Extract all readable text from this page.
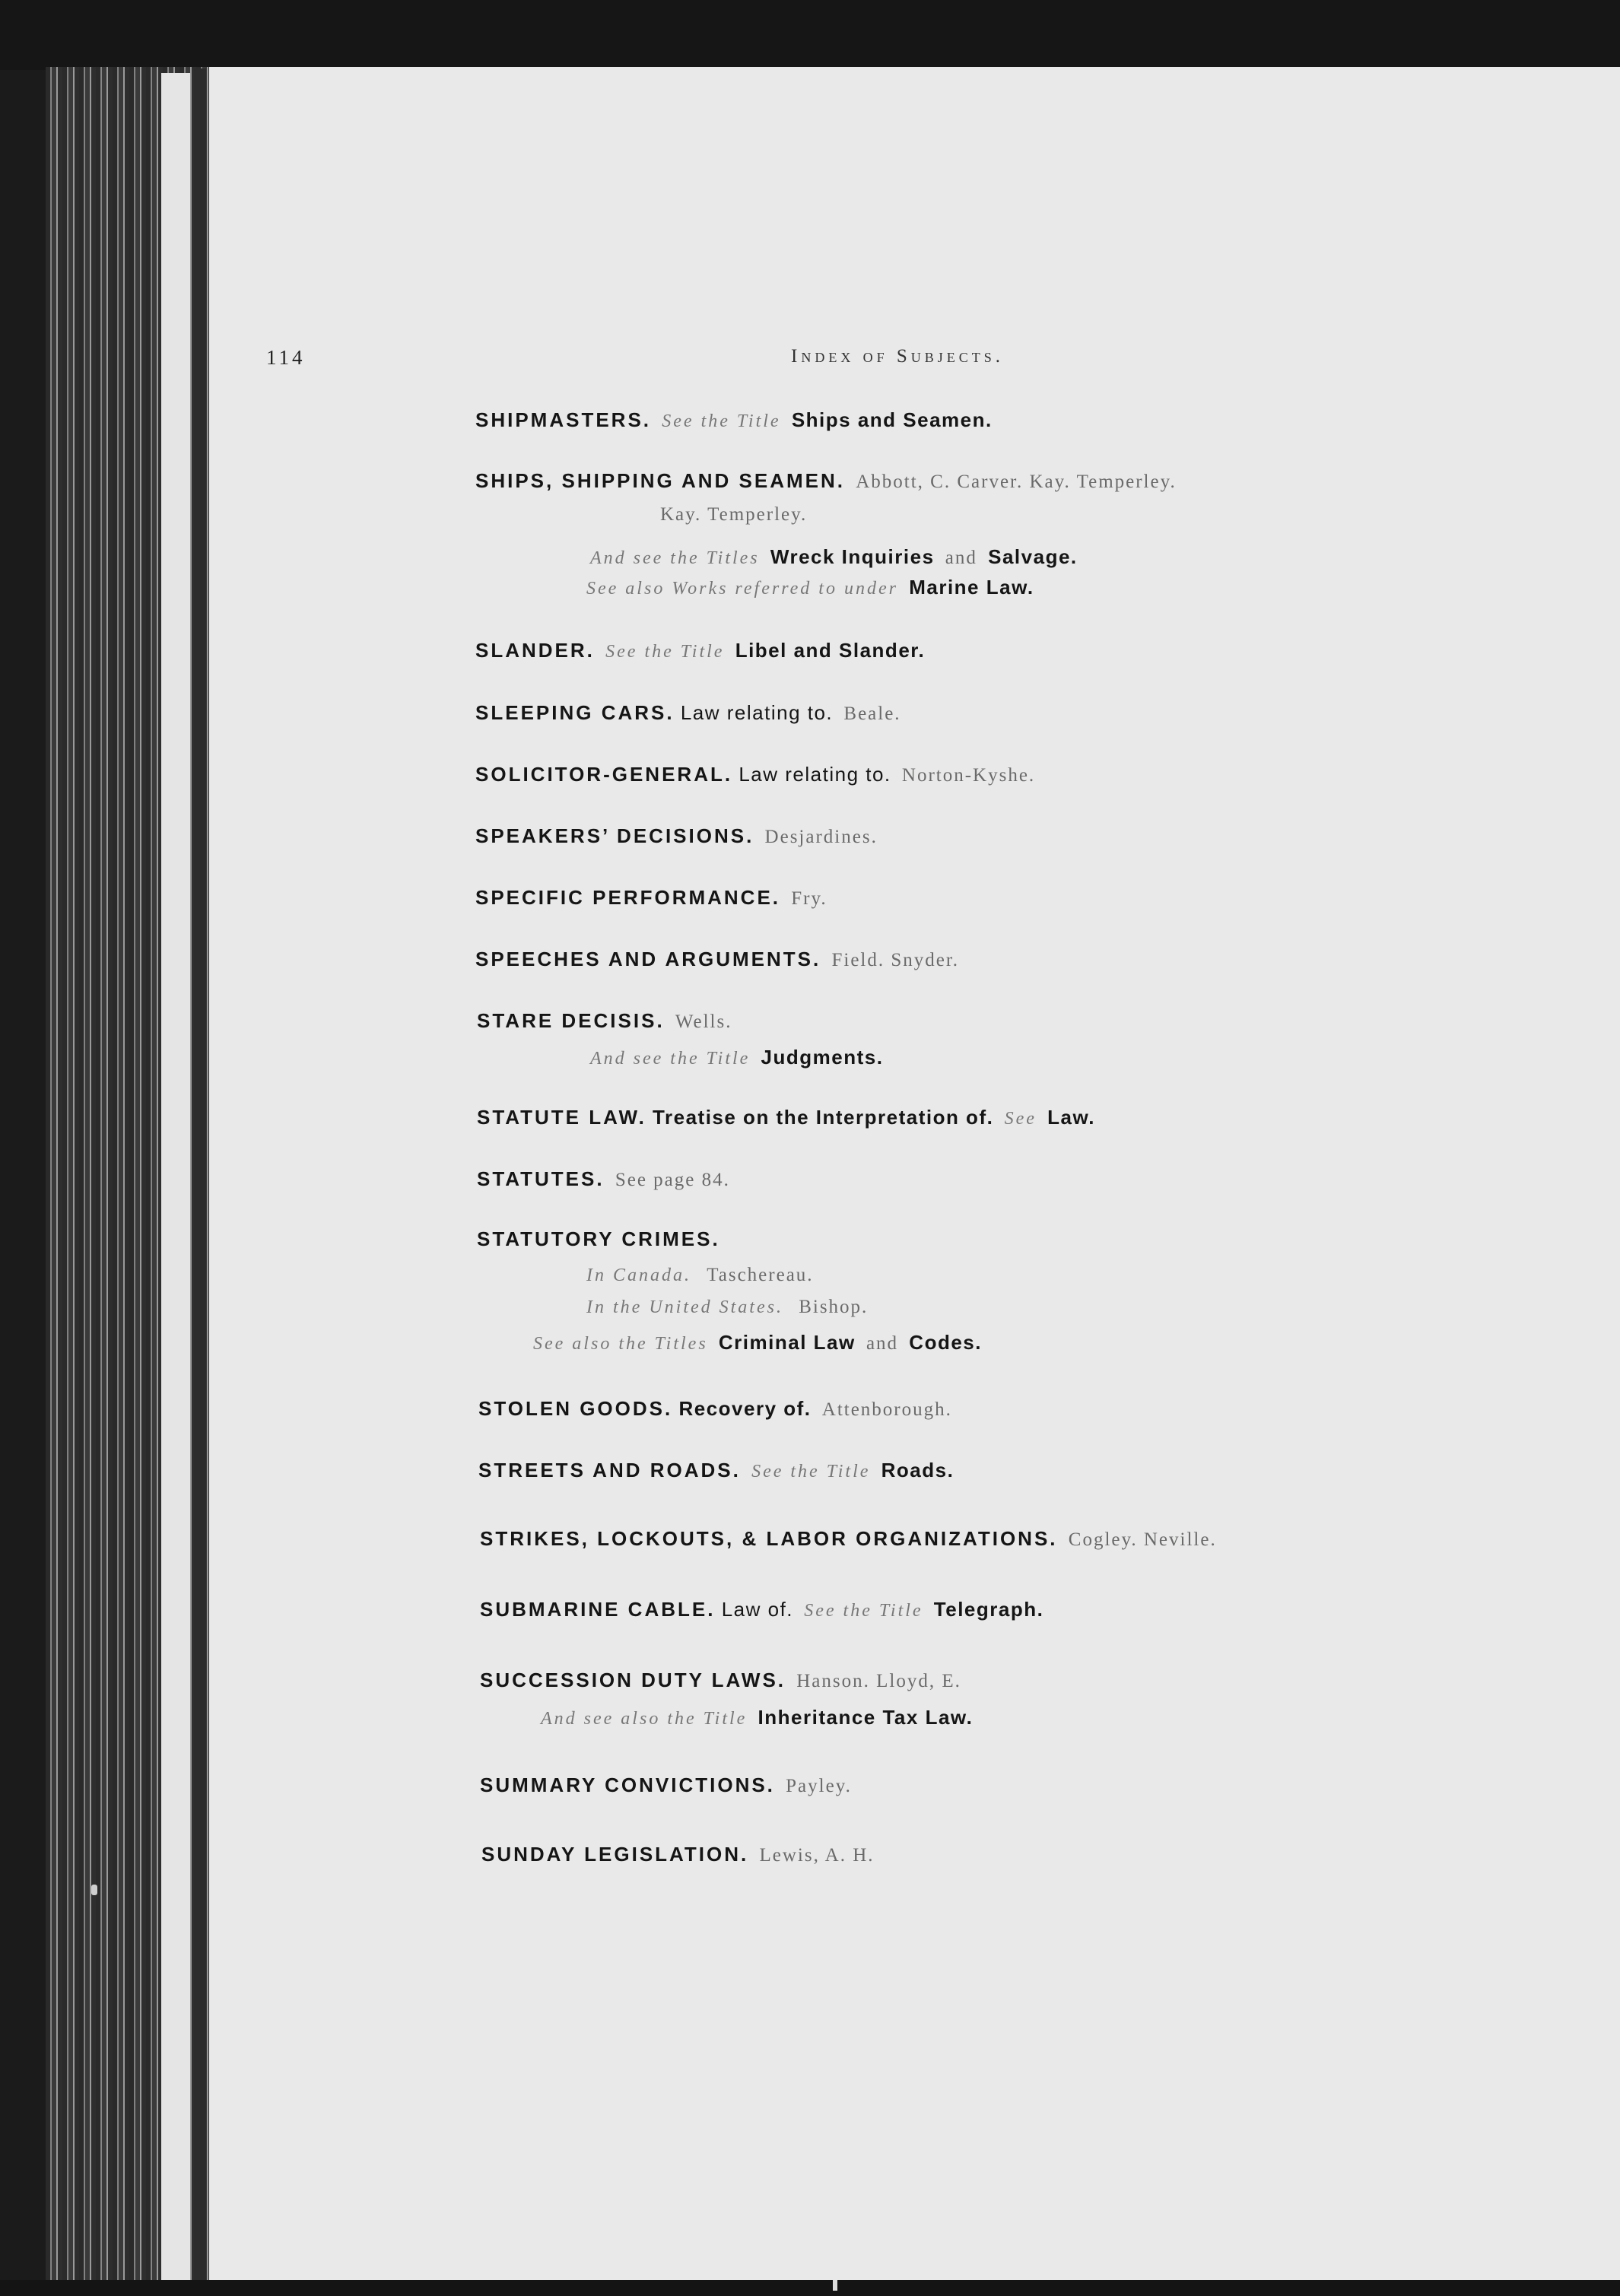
114	Index of Subjects.
SHIPMASTERS. See the Title Ships and Seamen.
SHIPS, SHIPPING AND SEAMEN. Abbott, C. Carver. Kay. Temperley.
Kay. Temperley.
And see the Titles Wreck Inquiries and Salvage.
See also Works referred to under Marine Law.
SLANDER. See the Title Libel and Slander.
SLEEPING CARS. Law relating to. Beale.
SOLICITOR-GENERAL. Law relating to. Norton-Kyshe.
SPEAKERS’ DECISIONS. Desjardines.
SPECIFIC PERFORMANCE. Fry.
SPEECHES AND ARGUMENTS. Field. Snyder.
STARE DECISIS. Wells.
And see the Title Judgments.
STATUTE LAW. Treatise on the Interpretation of. See Law.
STATUTES. See page 84.
STATUTORY CRIMES.
In Canada. Taschereau.
In the United States. Bishop.
See also the Titles Criminal Law and Codes.
STOLEN GOODS. Recovery of. Attenborough.
STREETS AND ROADS. See the Title Roads.
STRIKES, LOCKOUTS, & LABOR ORGANIZATIONS. Cogley. Neville.
SUBMARINE CABLE. Law of. See the Title Telegraph.
SUCCESSION DUTY LAWS. Hanson. Lloyd, E.
And see also the Title Inheritance Tax Law.
SUMMARY CONVICTIONS. Payley.
SUNDAY LEGISLATION. Lewis, A. H.
